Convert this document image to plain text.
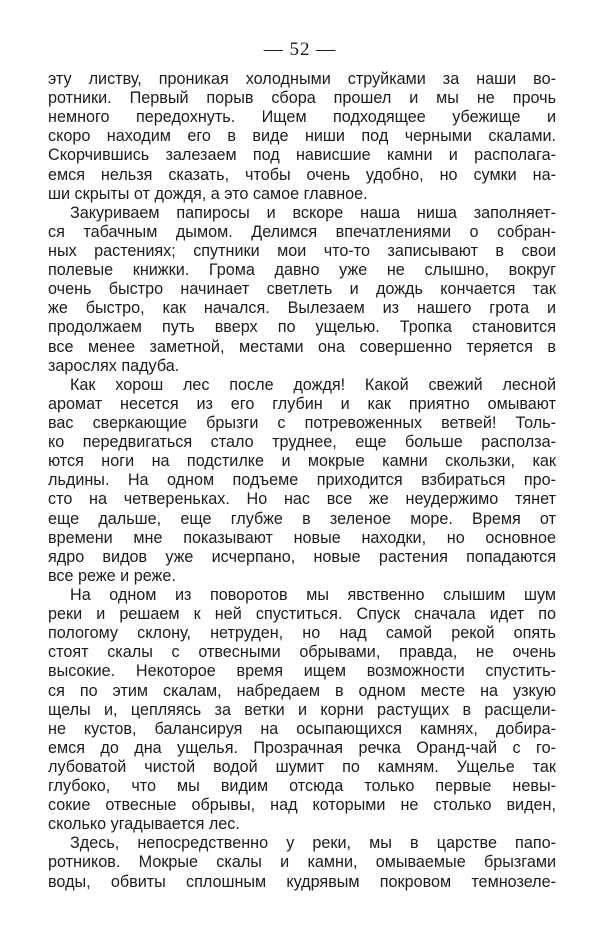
— 52 —
эту листву, проникая холодными струйками за наши во-
ротники. Первый порыв сбора прошел и мы не прочь
немного передохнуть. Ищем подходящее убежище и
скоро находим его в виде ниши под черными скалами.
Скорчившись залезаем под нависшие камни и располага-
емся нельзя сказать, чтобы очень удобно, но сумки на-
ши скрыты от дождя, а это самое главное.
Закуриваем папиросы и вскоре наша ниша заполняет-
ся табачным дымом. Делимся впечатлениями о собран-
ных растениях; спутники мои что-то записывают в свои
полевые книжки. Грома давно уже не слышно, вокруг
очень быстро начинает светлеть и дождь кончается так
же быстро, как начался. Вылезаем из нашего грота и
продолжаем путь вверх по ущелью. Тропка становится
все менее заметной, местами она совершенно теряется в
зарослях падуба.
Как хорош лес после дождя! Какой свежий лесной
аромат несется из его глубин и как приятно омывают
вас сверкающие брызги с потревоженных ветвей! Толь-
ко передвигаться стало труднее, еще больше располза-
ются ноги на подстилке и мокрые камни скользки, как
льдины. На одном подъеме приходится взбираться про-
сто на четвереньках. Но нас все же неудержимо тянет
еще дальше, еще глубже в зеленое море. Время от
времени мне показывают новые находки, но основное
ядро видов уже исчерпано, новые растения попадаются
все реже и реже.
На одном из поворотов мы явственно слышим шум
реки и решаем к ней спуститься. Спуск сначала идет по
пологому склону, нетруден, но над самой рекой опять
стоят скалы с отвесными обрывами, правда, не очень
высокие. Некоторое время ищем возможности спустить-
ся по этим скалам, набредаем в одном месте на узкую
щелы и, цепляясь за ветки и корни растущих в расщели-
не кустов, балансируя на осыпающихся камнях, добира-
емся до дна ущелья. Прозрачная речка Оранд-чай с го-
лубоватой чистой водой шумит по камням. Ущелье так
глубоко, что мы видим отсюда только первые невы-
сокие отвесные обрывы, над которыми не столько виден,
сколько угадывается лес.
Здесь, непосредственно у реки, мы в царстве папо-
ротников. Мокрые скалы и камни, омываемые брызгами
воды, обвиты сплошным кудрявым покровом темнозеле-
